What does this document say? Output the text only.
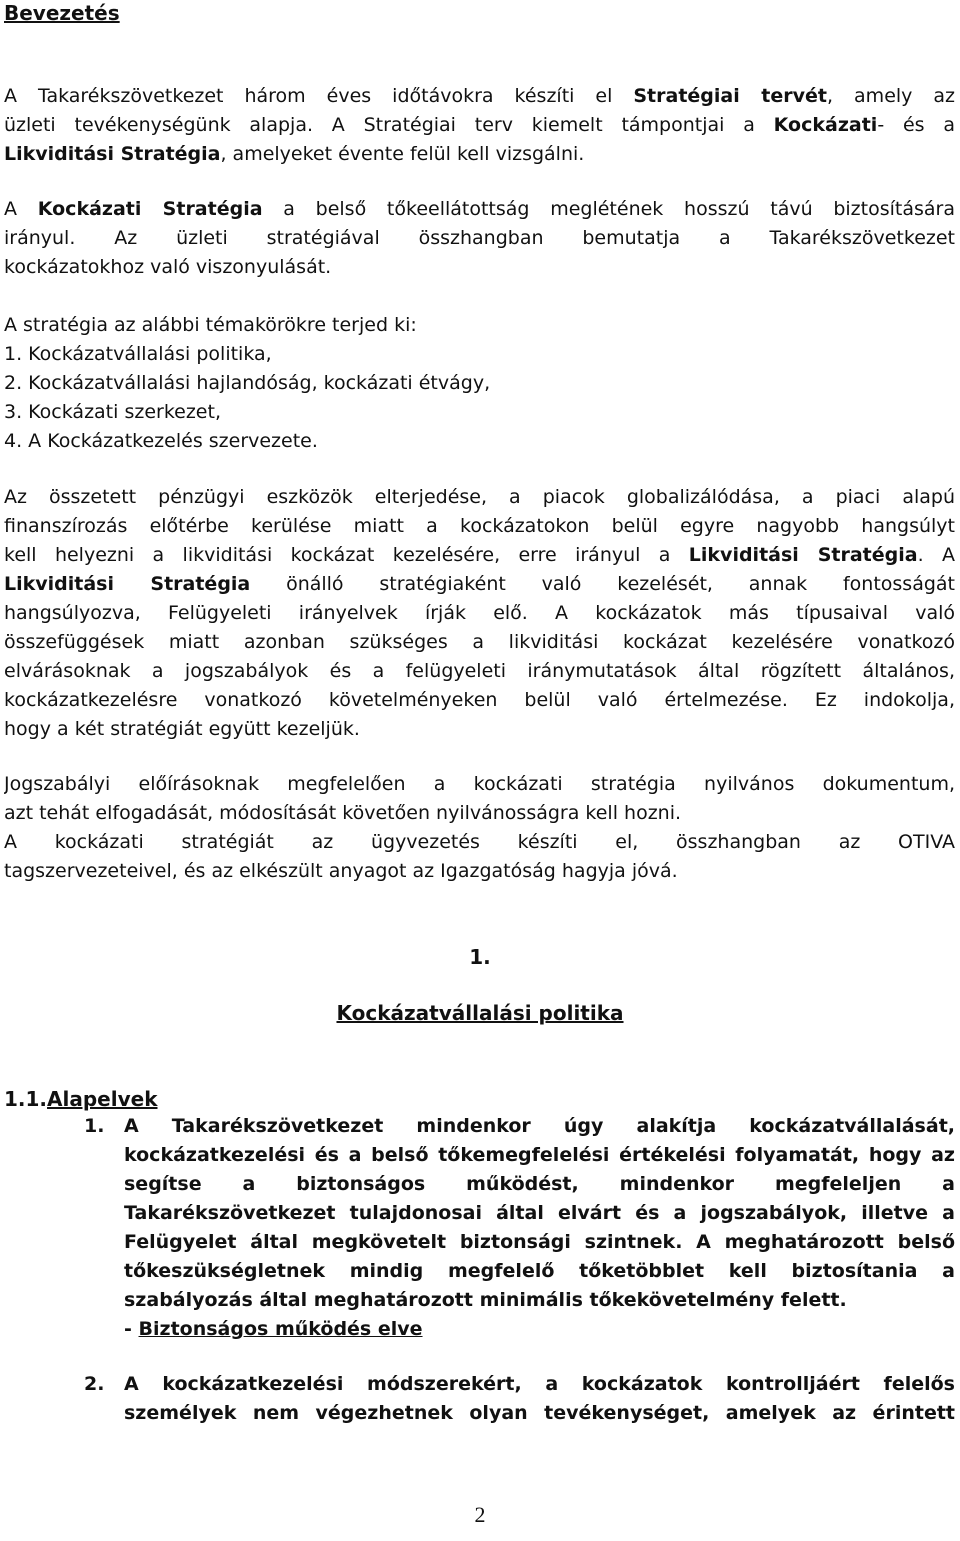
Bevezetés
A Takarékszövetkezet három éves időtávokra készíti el Stratégiai tervét, amely az
üzleti tevékenységünk alapja. A Stratégiai terv kiemelt támpontjai a Kockázati- és a
Likviditási Stratégia, amelyeket évente felül kell vizsgálni.
A Kockázati Stratégia a belső tőkeellátottság meglétének hosszú távú biztosítására
irányul. Az üzleti stratégiával összhangban bemutatja a Takarékszövetkezet
kockázatokhoz való viszonyulását.
A stratégia az alábbi témakörökre terjed ki:
1. Kockázatvállalási politika,
2. Kockázatvállalási hajlandóság, kockázati étvágy,
3. Kockázati szerkezet,
4. A Kockázatkezelés szervezete.
Az összetett pénzügyi eszközök elterjedése, a piacok globalizálódása, a piaci alapú
finanszírozás előtérbe kerülése miatt a kockázatokon belül egyre nagyobb hangsúlyt
kell helyezni a likviditási kockázat kezelésére, erre irányul a Likviditási Stratégia. A
Likviditási Stratégia önálló stratégiaként való kezelését, annak fontosságát
hangsúlyozva, Felügyeleti irányelvek írják elő. A kockázatok más típusaival való
összefüggések miatt azonban szükséges a likviditási kockázat kezelésére vonatkozó
elvárásoknak a jogszabályok és a felügyeleti iránymutatások által rögzített általános,
kockázatkezelésre vonatkozó követelményeken belül való értelmezése. Ez indokolja,
hogy a két stratégiát együtt kezeljük.
Jogszabályi előírásoknak megfelelően a kockázati stratégia nyilvános dokumentum,
azt tehát elfogadását, módosítását követően nyilvánosságra kell hozni.
A kockázati stratégiát az ügyvezetés készíti el, összhangban az OTIVA
tagszervezeteivel, és az elkészült anyagot az Igazgatóság hagyja jóvá.
1.
Kockázatvállalási politika
1.1.Alapelvek
1.	A Takarékszövetkezet mindenkor úgy alakítja kockázatvállalását,
kockázatkezelési és a belső tőkemegfelelési értékelési folyamatát, hogy az
segítse a biztonságos működést, mindenkor megfeleljen a
Takarékszövetkezet tulajdonosai által elvárt és a jogszabályok, illetve a
Felügyelet által megkövetelt biztonsági szintnek. A meghatározott belső
tőkeszükségletnek mindig megfelelő tőketöbblet kell biztosítania a
szabályozás által meghatározott minimális tőkekövetelmény felett.
- Biztonságos működés elve
2.	A kockázatkezelési módszerekért, a kockázatok kontrolljáért felelős
személyek nem végezhetnek olyan tevékenységet, amelyek az érintett
2
